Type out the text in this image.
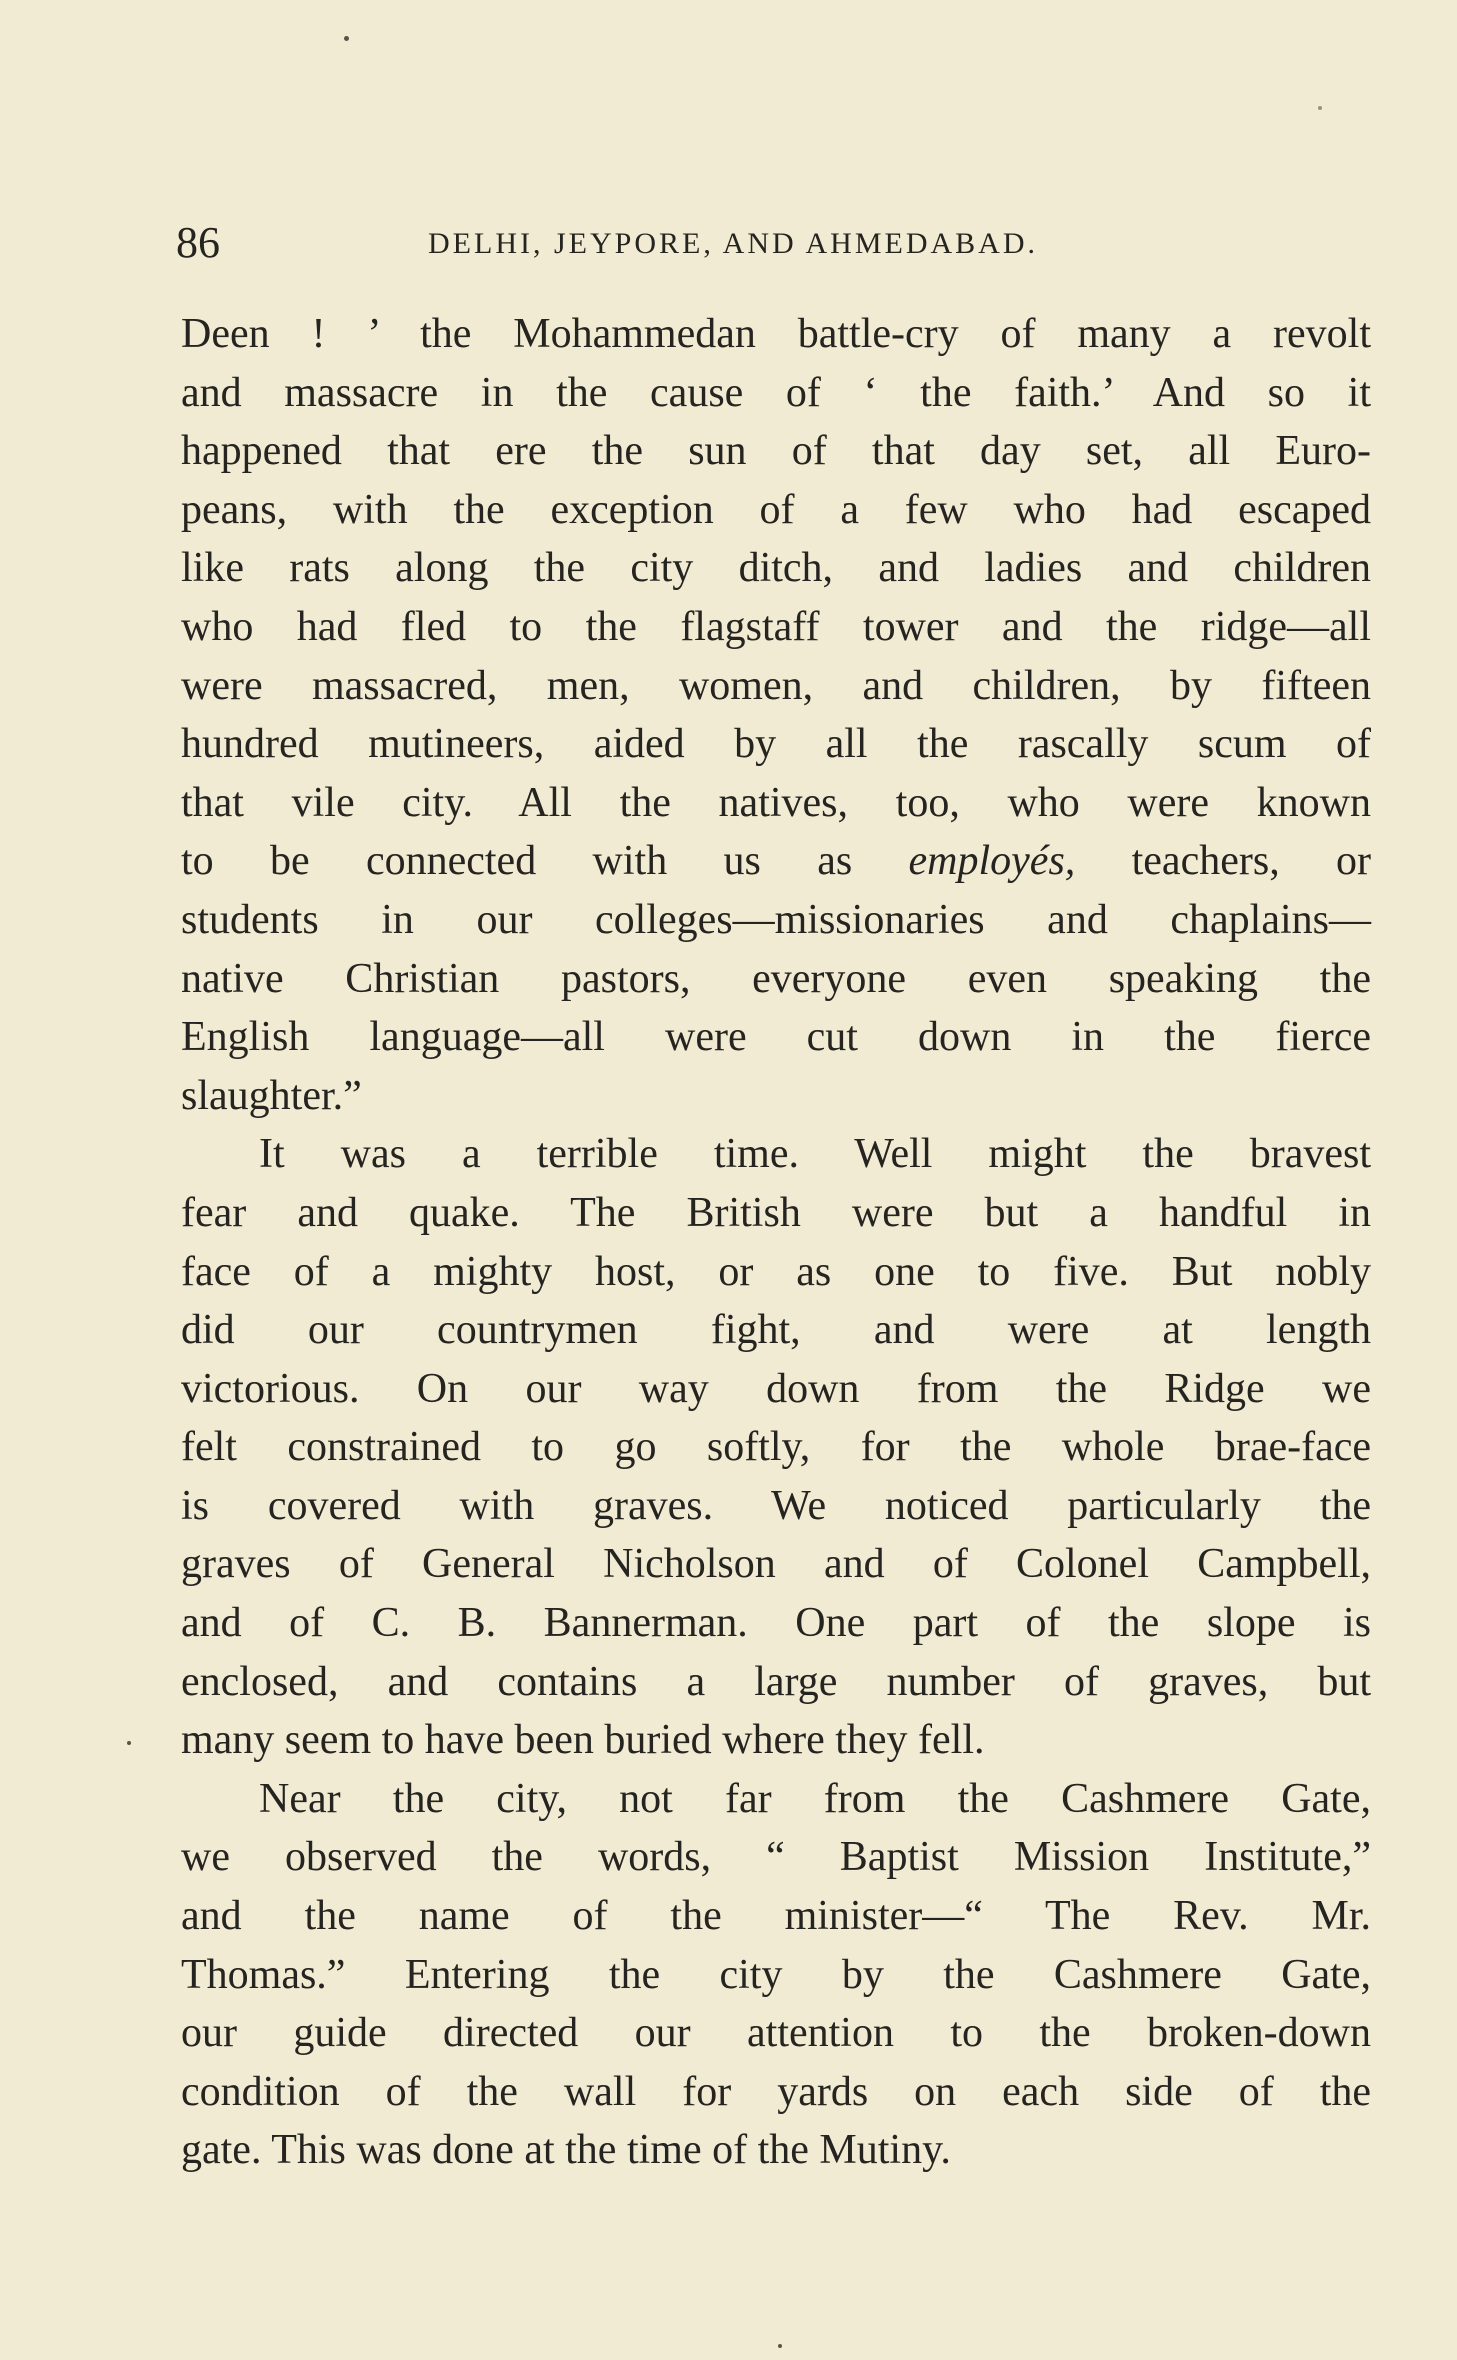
86	DELHI, JEYPORE, AND AHMEDABAD.
Deen ! ’ the Mohammedan battle-cry of many a revolt
and massacre in the cause of ‘ the faith.’ And so it
happened that ere the sun of that day set, all Euro-
peans, with the exception of a few who had escaped
like rats along the city ditch, and ladies and children
who had fled to the flagstaff tower and the ridge—all
were massacred, men, women, and children, by fifteen
hundred mutineers, aided by all the rascally scum of
that vile city. All the natives, too, who were known
to be connected with us as employés, teachers, or
students in our colleges—missionaries and chaplains—
native Christian pastors, everyone even speaking the
English language—all were cut down in the fierce
slaughter.”
It was a terrible time. Well might the bravest
fear and quake. The British were but a handful in
face of a mighty host, or as one to five. But nobly
did our countrymen fight, and were at length
victorious. On our way down from the Ridge we
felt constrained to go softly, for the whole brae-face
is covered with graves. We noticed particularly the
graves of General Nicholson and of Colonel Campbell,
and of C. B. Bannerman. One part of the slope is
enclosed, and contains a large number of graves, but
many seem to have been buried where they fell.
Near the city, not far from the Cashmere Gate,
we observed the words, “ Baptist Mission Institute,”
and the name of the minister—“ The Rev. Mr.
Thomas.” Entering the city by the Cashmere Gate,
our guide directed our attention to the broken-down
condition of the wall for yards on each side of the
gate. This was done at the time of the Mutiny.
